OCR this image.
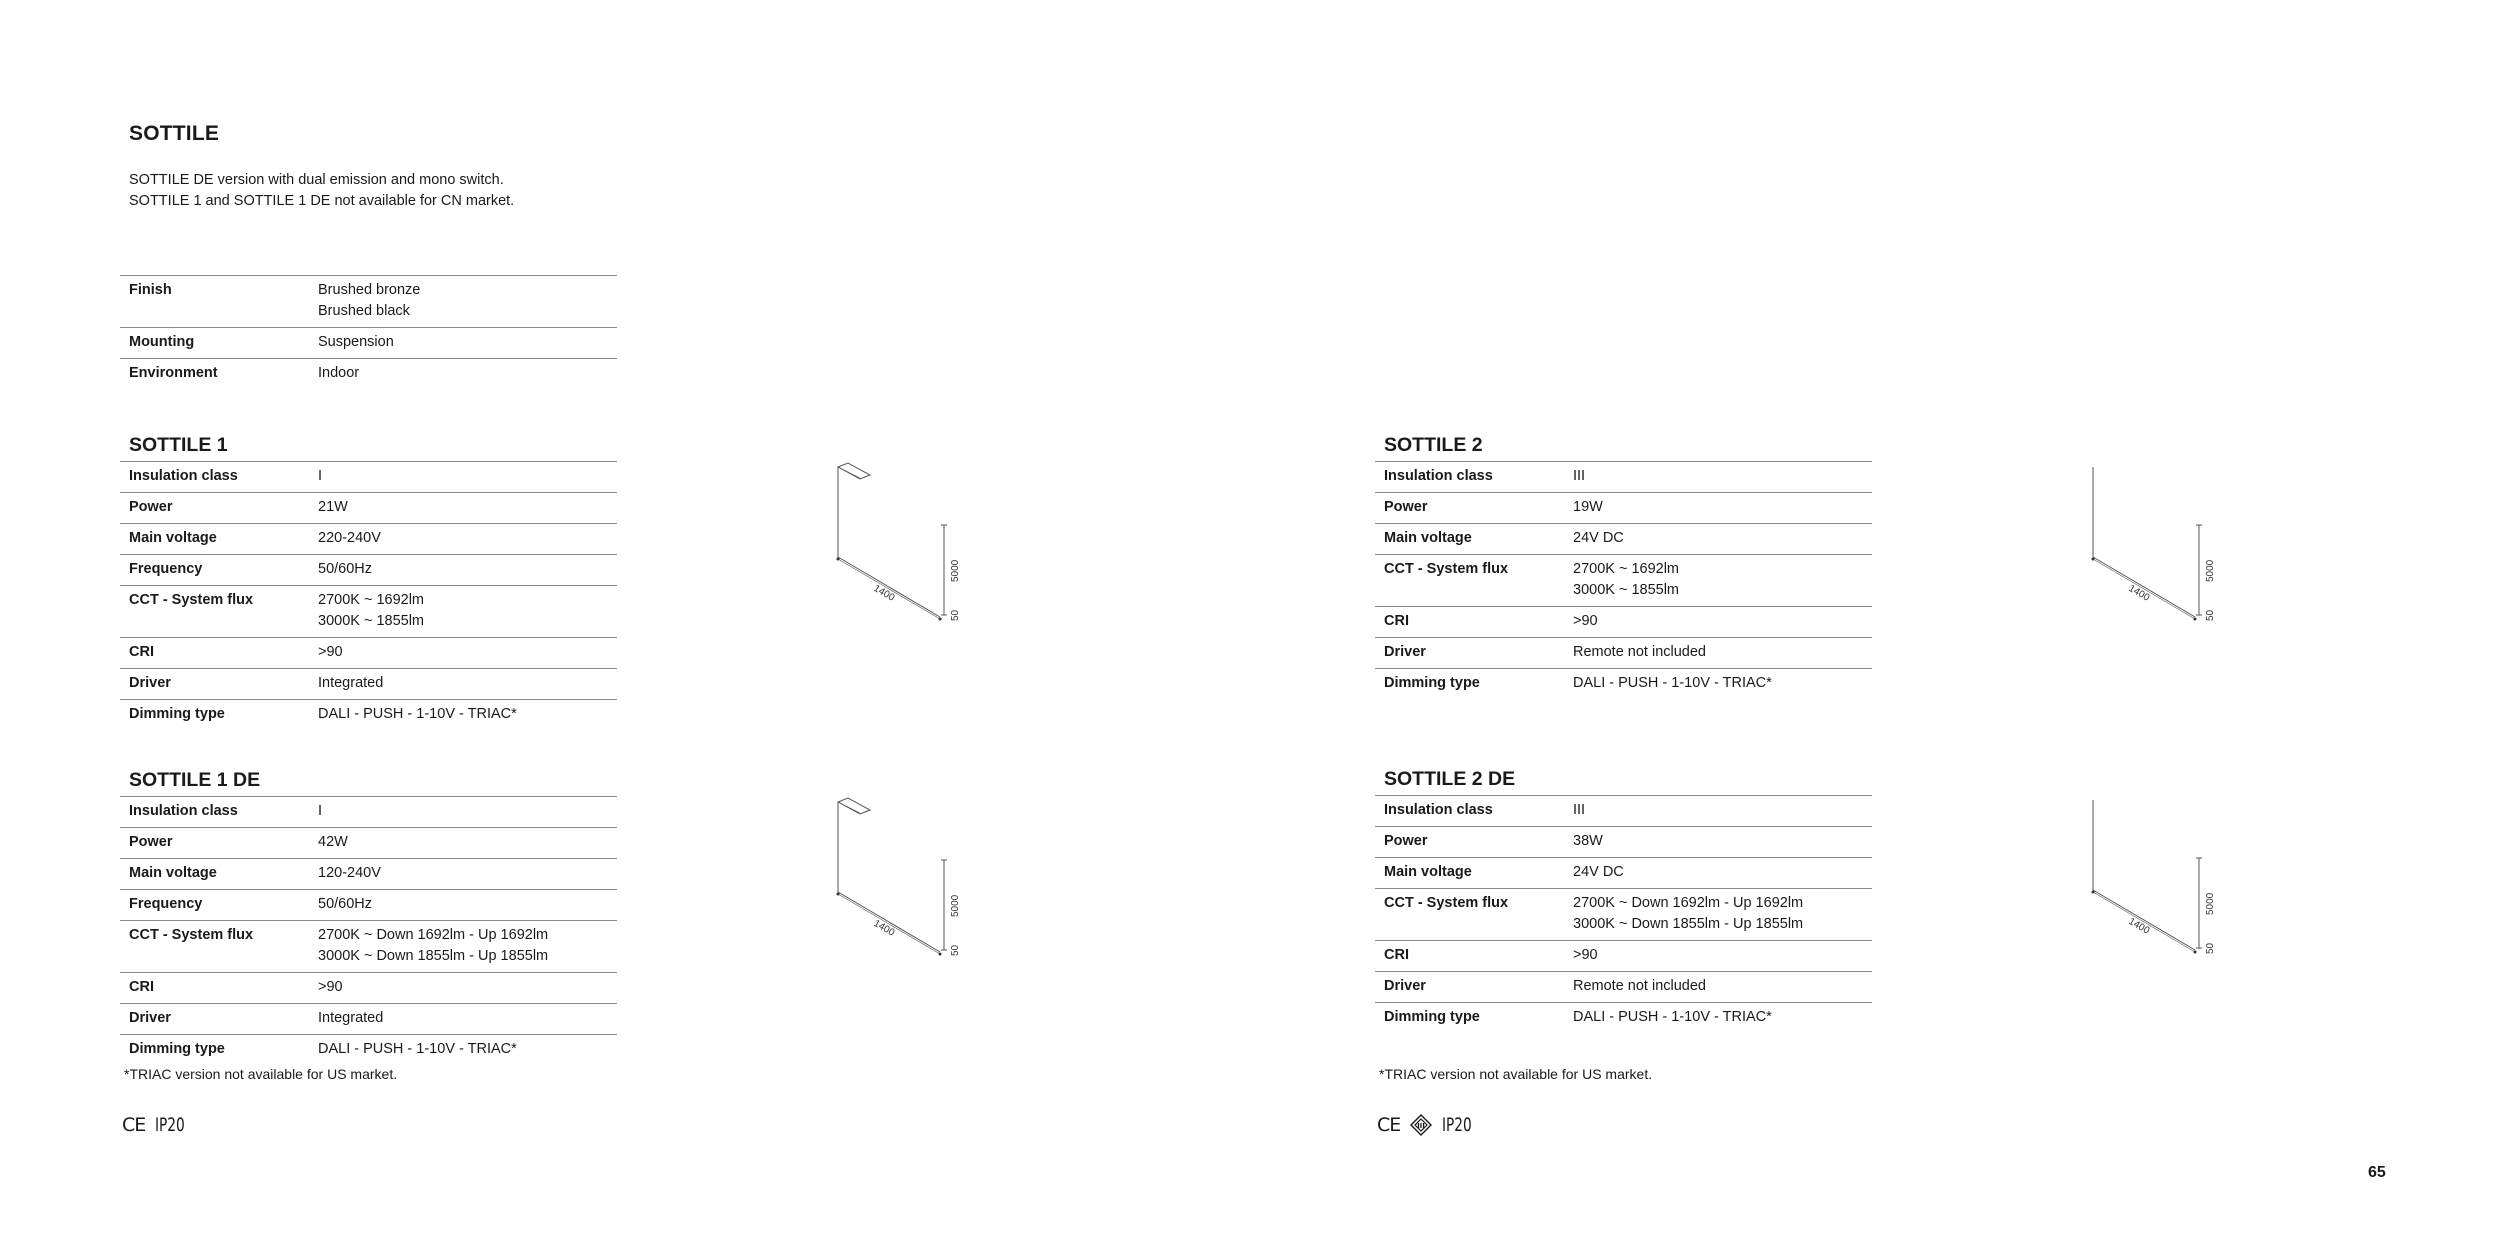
SOTTILE
SOTTILE DE version with dual emission and mono switch.
SOTTILE 1 and SOTTILE 1 DE not available for CN market.
Finish	Brushed bronze
Brushed black
Mounting	Suspension
Environment	Indoor
SOTTILE 1
Insulation class	I
Power	21W
Main voltage	220-240V
Frequency	50/60Hz
CCT - System flux	2700K ~ 1692lm
3000K ~ 1855lm
CRI	>90
Driver	Integrated
Dimming type	DALI - PUSH - 1-10V - TRIAC*
SOTTILE 1 DE
Insulation class	I
Power	42W
Main voltage	120-240V
Frequency	50/60Hz
CCT - System flux	2700K ~ Down 1692lm - Up 1692lm
3000K ~ Down 1855lm - Up 1855lm
CRI	>90
Driver	Integrated
Dimming type	DALI - PUSH - 1-10V - TRIAC*
SOTTILE 2
Insulation class	III
Power	19W
Main voltage	24V DC
CCT - System flux	2700K ~ 1692lm
3000K ~ 1855lm
CRI	>90
Driver	Remote not included
Dimming type	DALI - PUSH - 1-10V - TRIAC*
SOTTILE 2 DE
Insulation class	III
Power	38W
Main voltage	24V DC
CCT - System flux	2700K ~ Down 1692lm - Up 1692lm
3000K ~ Down 1855lm - Up 1855lm
CRI	>90
Driver	Remote not included
Dimming type	DALI - PUSH - 1-10V - TRIAC*
1400
5000
50
1400
5000
50
1400
5000
50
1400
5000
50
*TRIAC version not available for US market.	*TRIAC version not available for US market.
CE IP20	CE III IP20
65
